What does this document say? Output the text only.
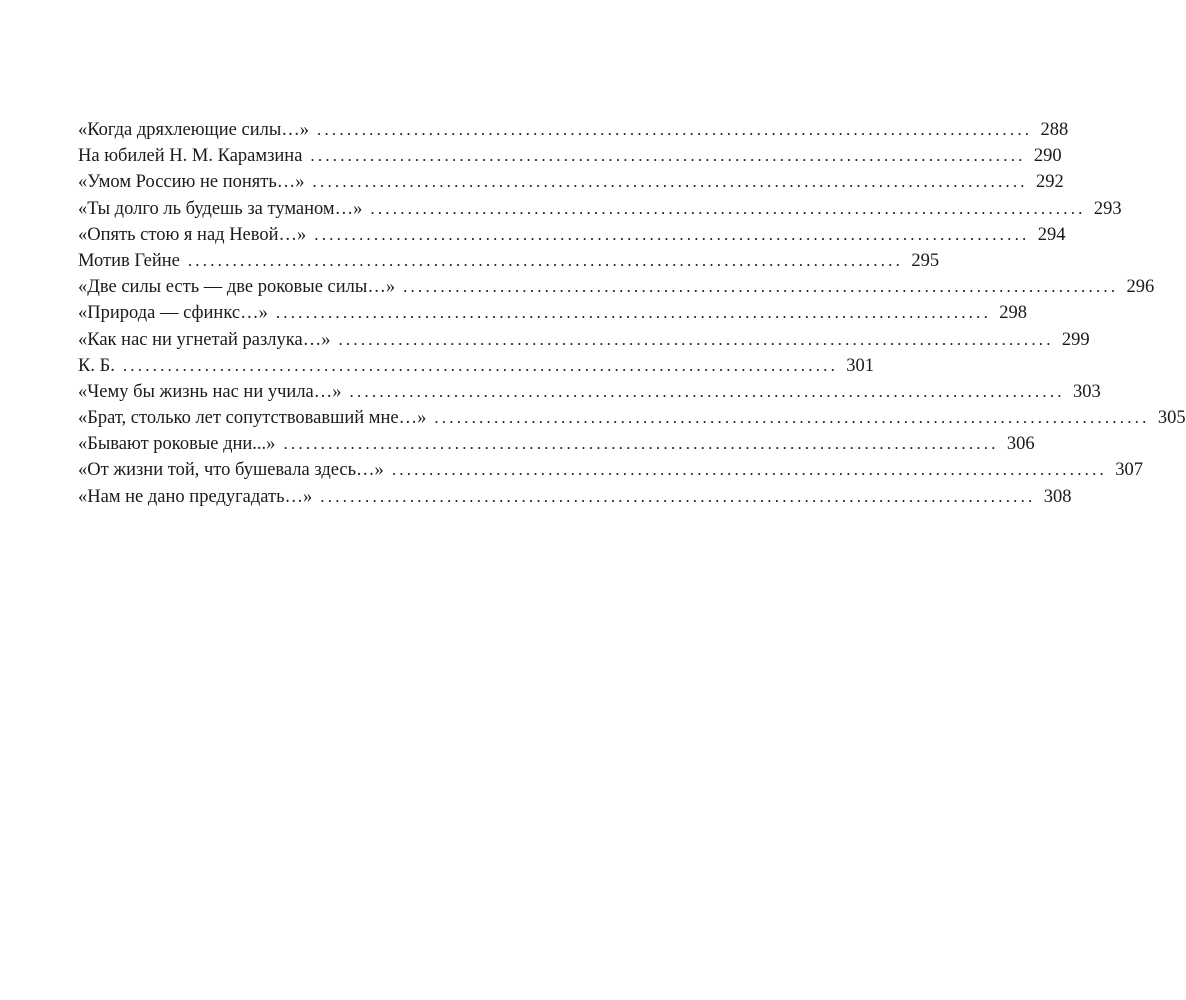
«Когда дряхлеющие силы…» ................................................................................................ 288
На юбилей Н. М. Карамзина ................................................................................................ 290
«Умом Россию не понять…» ................................................................................................ 292
«Ты долго ль будешь за туманом…» ................................................................................................ 293
«Опять стою я над Невой…» ................................................................................................ 294
Мотив Гейне ................................................................................................ 295
«Две силы есть — две роковые силы…» ................................................................................................ 296
«Природа — сфинкс…» ................................................................................................ 298
«Как нас ни угнетай разлука…» ................................................................................................ 299
К. Б. ................................................................................................ 301
«Чему бы жизнь нас ни учила…» ................................................................................................ 303
«Брат, столько лет сопутствовавший мне…» ................................................................................................ 305
«Бывают роковые дни...» ................................................................................................ 306
«От жизни той, что бушевала здесь…» ................................................................................................ 307
«Нам не дано предугадать…» ................................................................................................ 308
